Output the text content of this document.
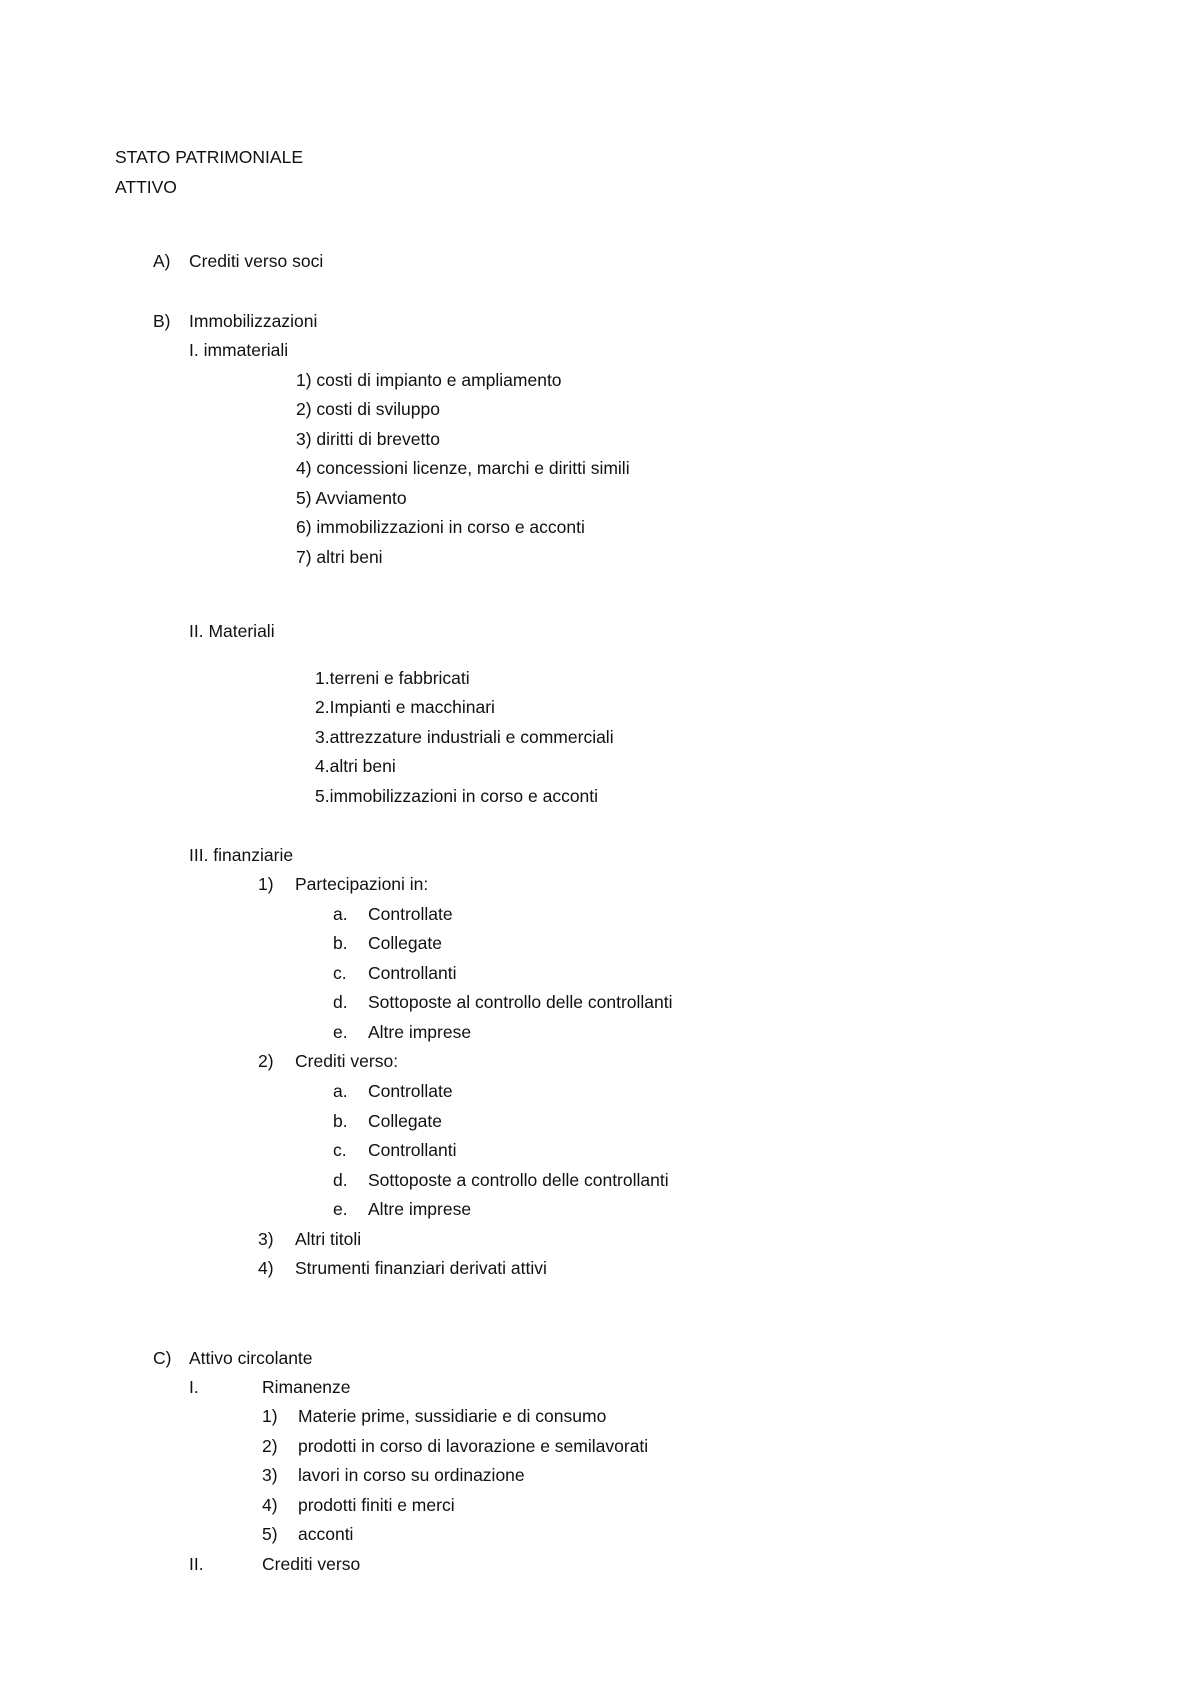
STATO PATRIMONIALE
ATTIVO
A) Crediti verso soci
B) Immobilizzazioni
I. immateriali
1) costi di impianto e ampliamento
2) costi di sviluppo
3) diritti di brevetto
4) concessioni licenze, marchi e diritti simili
5) Avviamento
6) immobilizzazioni in corso e acconti
7) altri beni
II. Materiali
1.terreni e fabbricati
2.Impianti e macchinari
3.attrezzature industriali e commerciali
4.altri beni
5.immobilizzazioni in corso e acconti
III. finanziarie
1) Partecipazioni in:
a. Controllate
b. Collegate
c. Controllanti
d. Sottoposte al controllo delle controllanti
e. Altre imprese
2) Crediti verso:
a. Controllate
b. Collegate
c. Controllanti
d. Sottoposte a controllo delle controllanti
e. Altre imprese
3) Altri titoli
4) Strumenti finanziari derivati attivi
C) Attivo circolante
I.	Rimanenze
1) Materie prime, sussidiarie e di consumo
2) prodotti in corso di lavorazione e semilavorati
3) lavori in corso su ordinazione
4) prodotti finiti e merci
5) acconti
II.	Crediti verso
